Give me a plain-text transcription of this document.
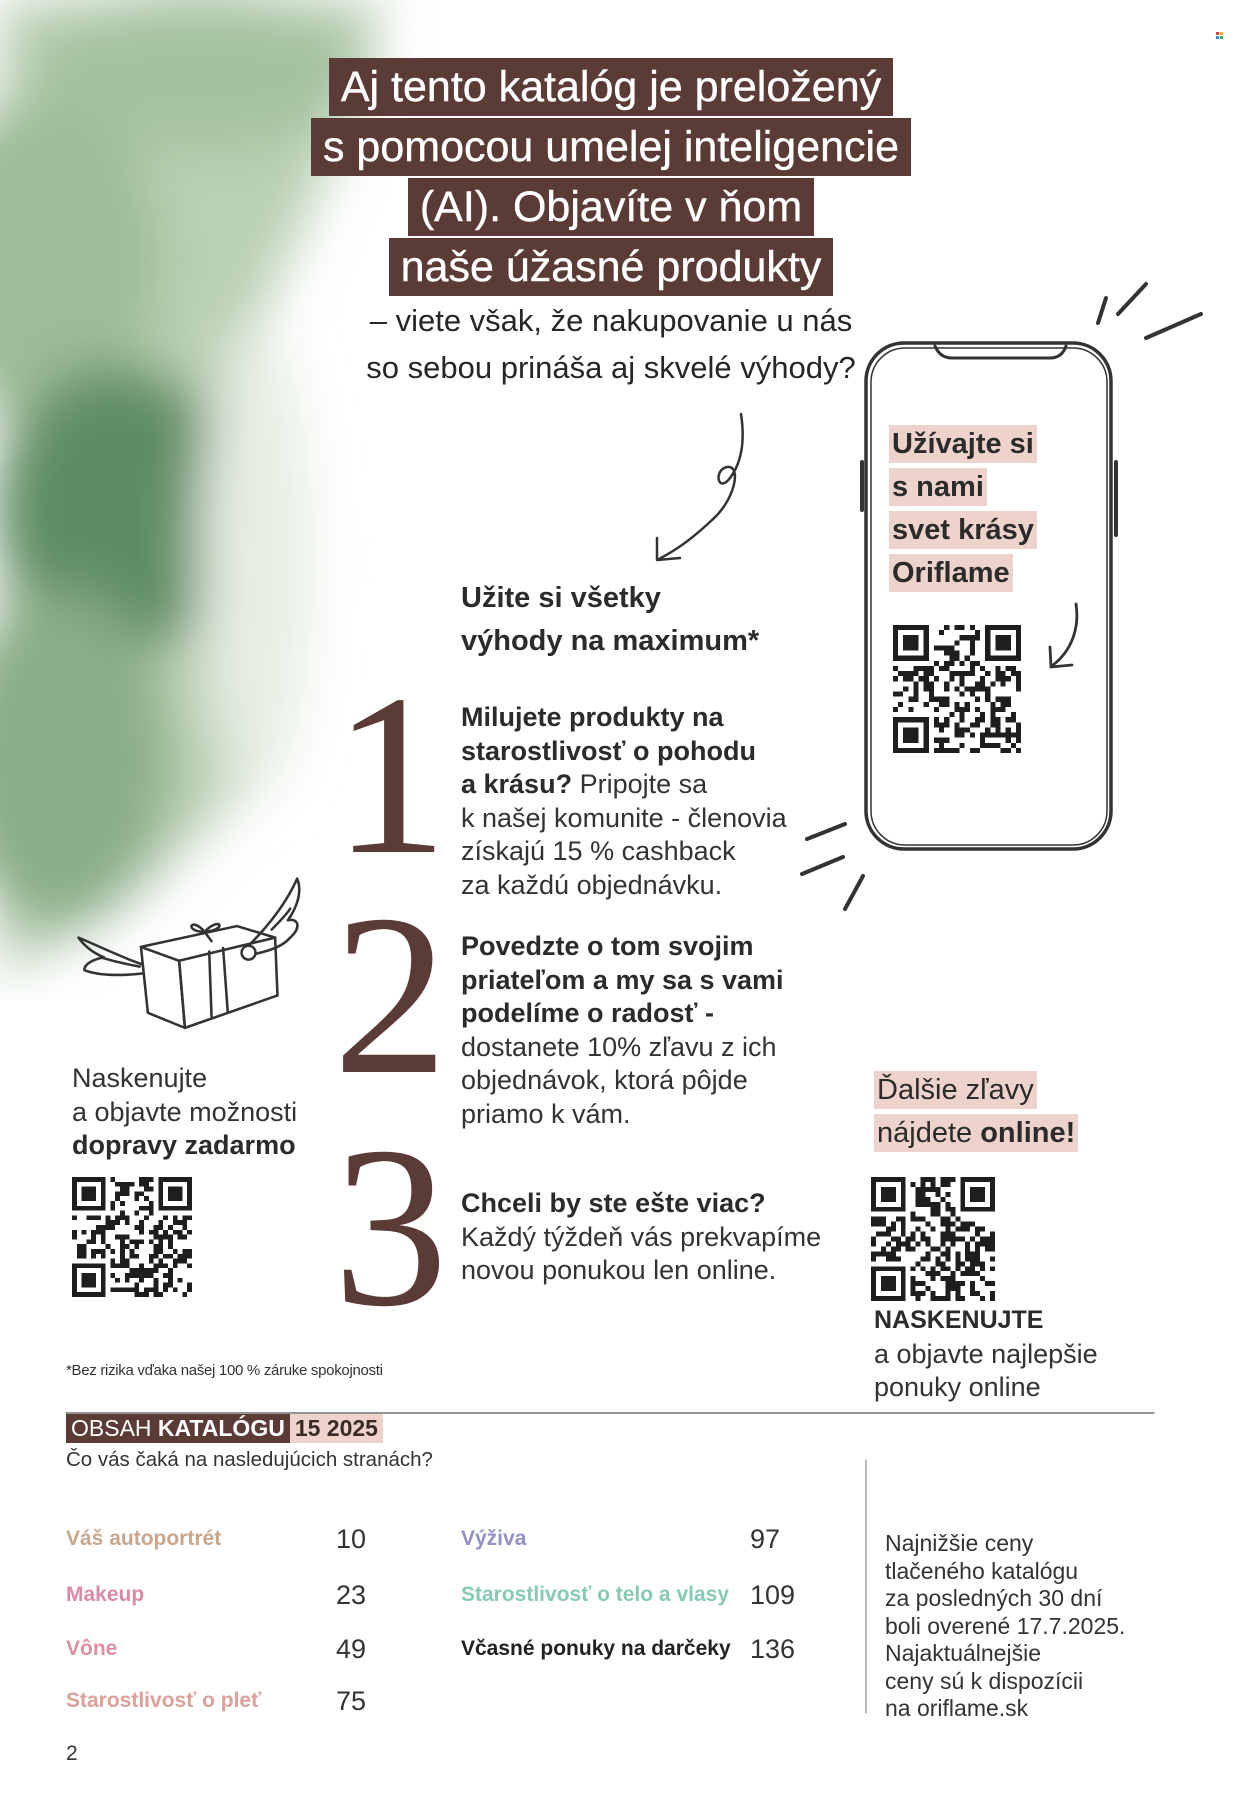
Aj tento katalóg je preložený
s pomocou umelej inteligencie
(AI). Objavíte v ňom
naše úžasné produkty
– viete však, že nakupovanie u nás
so sebou prináša aj skvelé výhody?
Užívajte si
s nami
svet krásy
Oriflame
Užite si všetky
výhody na maximum*
1 Milujete produkty na
starostlivosť o pohodu
a krásu? Pripojte sa
k našej komunite - členovia
získajú 15 % cashback
za každú objednávku.
2 Povedzte o tom svojim
priateľom a my sa s vami
podelíme o radosť -
dostanete 10% zľavu z ich
objednávok, ktorá pôjde
priamo k vám.
3 Chceli by ste ešte viac?
Každý týždeň vás prekvapíme
novou ponukou len online.
Naskenujte
a objavte možnosti
dopravy zadarmo
Ďalšie zľavy
nájdete online!
NASKENUJTE
a objavte najlepšie
ponuky online
*Bez rizika vďaka našej 100 % záruke spokojnosti
OBSAH KATALÓGU 15 2025
Čo vás čaká na nasledujúcich stranách?
Váš autoportrét	10
Makeup	23
Vône	49
Starostlivosť o pleť	75
Výživa	97
Starostlivosť o telo a vlasy 109
Včasné ponuky na darčeky 136
Najnižšie ceny
tlačeného katalógu
za posledných 30 dní
boli overené 17.7.2025.
Najaktuálnejšie
ceny sú k dispozícii
na oriflame.sk
2
